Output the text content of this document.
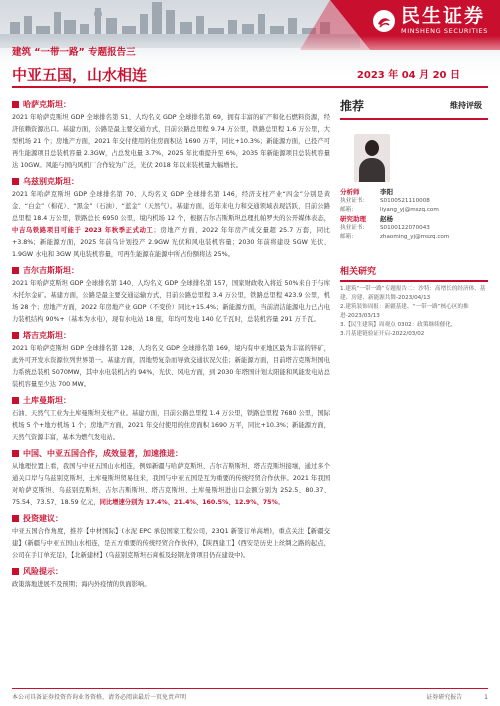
民生证券
MINSHENG SECURITIES
建筑 “一带一路” 专题报告三
中亚五国，山水相连	2023 年 04 月 20 日
哈萨克斯坦：

2021 年哈萨克斯坦 GDP 全球排名第 51、人均名义 GDP 全球排名第 69，拥有丰富的矿产和化石燃料资源，经济依赖资源出口。基建方面，公路是最主要交通方式，目前公路总里程 9.74 万公里，铁路总里程 1.6 万公里，大型机场 21 个；房地产方面，2021 年交付使用的住房面积达 1690 万平，同比+10.3%；新能源方面，已投产可再生能源项目总装机容量 2.3GW，占总发电量 3.7%，2025 年比重提升至 6%，2035 年新能源项目总装机容量达 10GW。风能与国内风机厂合作较为广泛，光伏 2018 年以来装机量大幅增长。

乌兹别克斯坦：

2021 年哈萨克斯坦 GDP 全球排名第 70、人均名义 GDP 全球排名第 146，经济支柱产业“四金”分别是黄金、“白金”（棉花）、“黑金”（石油）、“蓝金”（天然气）。基建方面，近年来电力和交通领域表现活跃，目前公路总里程 18.4 万公里，铁路总长 6950 公里，境内机场 12 个，根据吉尔吉斯斯坦总理扎帕罗夫的公开媒体表态，中吉乌铁路项目可能于 2023 年秋季正式动工；房地产方面，2022 年年房产成交量超 25.7 万套，同比+3.8%；新能源方面，2025 年前乌计划投产 2.9GW 光伏和风电装机容量；2030 年前将建设 5GW 光伏、1.9GW 水电和 3GW 风电装机容量，可再生能源在能源中所占份额将达 25%。

吉尔吉斯斯坦：

2021 年哈萨克斯坦 GDP 全球排名第 140、人均名义 GDP 全球排名第 157，国家财政收入将近 50%来自于与库木托尔金矿。基建方面，公路是最主要交通运输方式，目前公路总里程 3.4 万公里，铁路总里程 423.9 公里，机场 28 个；房地产方面，2022 年房地产业 GDP（不变价）同比+15.4%；新能源方面，当前清洁能源电力已占电力装机结构 90%+（基本为水电），现有水电站 18 座，年均可发电 140 亿千瓦时，总装机容量 291 万千瓦。

塔吉克斯坦：

2021 年哈萨克斯坦 GDP 全球排名第 128、人均名义 GDP 全球排名第 169，境内有中亚地区最为丰富的锌矿，此外可开发水资源位列世界第一。基建方面，因地势复杂而导致交通状况欠佳；新能源方面，目前塔吉克斯坦国电力系统总装机 5070MW，其中水电装机占约 94%，光伏、风电方面，到 2030 年塔国计划太阳能和风能发电站总装机容量至少达 700 MW。

土库曼斯坦：

石油、天然气工业为土库曼斯坦支柱产业。基建方面，目前公路总里程 1.4 万公里，铁路总里程 7680 公里，国际机场 5 个+地方机场 1 个；房地产方面，2021 年交付使用的住房面积 1690 万平，同比+10.3%；新能源方面，天然气资源丰富，基本为燃气发电站。

中国、中亚五国合作，成效显著，加速推进：

从地理位置上看，我国与中亚五国山水相连，例如新疆与哈萨克斯坦、吉尔吉斯斯坦、塔吉克斯坦接壤，通过多个通关口岸与乌兹别克斯坦、土库曼斯坦贸易往来，我国与中亚五国是互为重要的传统经贸合作伙伴。2021 年我国对哈萨克斯坦、乌兹别克斯坦、吉尔吉斯斯坦、塔吉克斯坦、土库曼斯坦进出口金额分别为 252.5、80.37、75.54、73.57、18.59 亿元，同比增速分别为 17.4%、21.4%、160.5%、12.9%、75%。

投资建议：

中亚五国合作角度，推荐【中材国际】(水泥 EPC 承包国家工程公司，23Q1 新签订单高增)，重点关注【新疆交建】(新疆与中亚五国山水相连，是五方重要的传统经贸合作伙伴)，【陕西建工】(西安是历史上丝绸之路的起点，公司在手订单充足)，【北新建材】(乌兹别克斯坦石膏板及轻钢龙骨项目仍在建设中)。

风险提示：

政策落地进展不及预期；海内外疫情的负面影响。

推荐	维持评级
分析师	李阳
执业证书：	S0100521110008
邮箱：	liyang_yj@mszq.com
研究助理	赵杨
执业证书：	S0100122070043
邮箱：	zhaoming_yj@mszq.com
相关研究
1.建筑“一带一路”专题报告二：沙特：高增长的经济体、基建、房建、新能源共舞-2023/04/13
2.建筑装饰周报：新疆基建、“一带一路”核心区的推进-2023/03/13
3.【民生建筑】周观点 0302：政策继续催化，
3.月基建链验证开启-2022/03/02
本公司具备证券投资咨询业务资格，请务必阅读最后一页免责声明	证券研究报告	1
